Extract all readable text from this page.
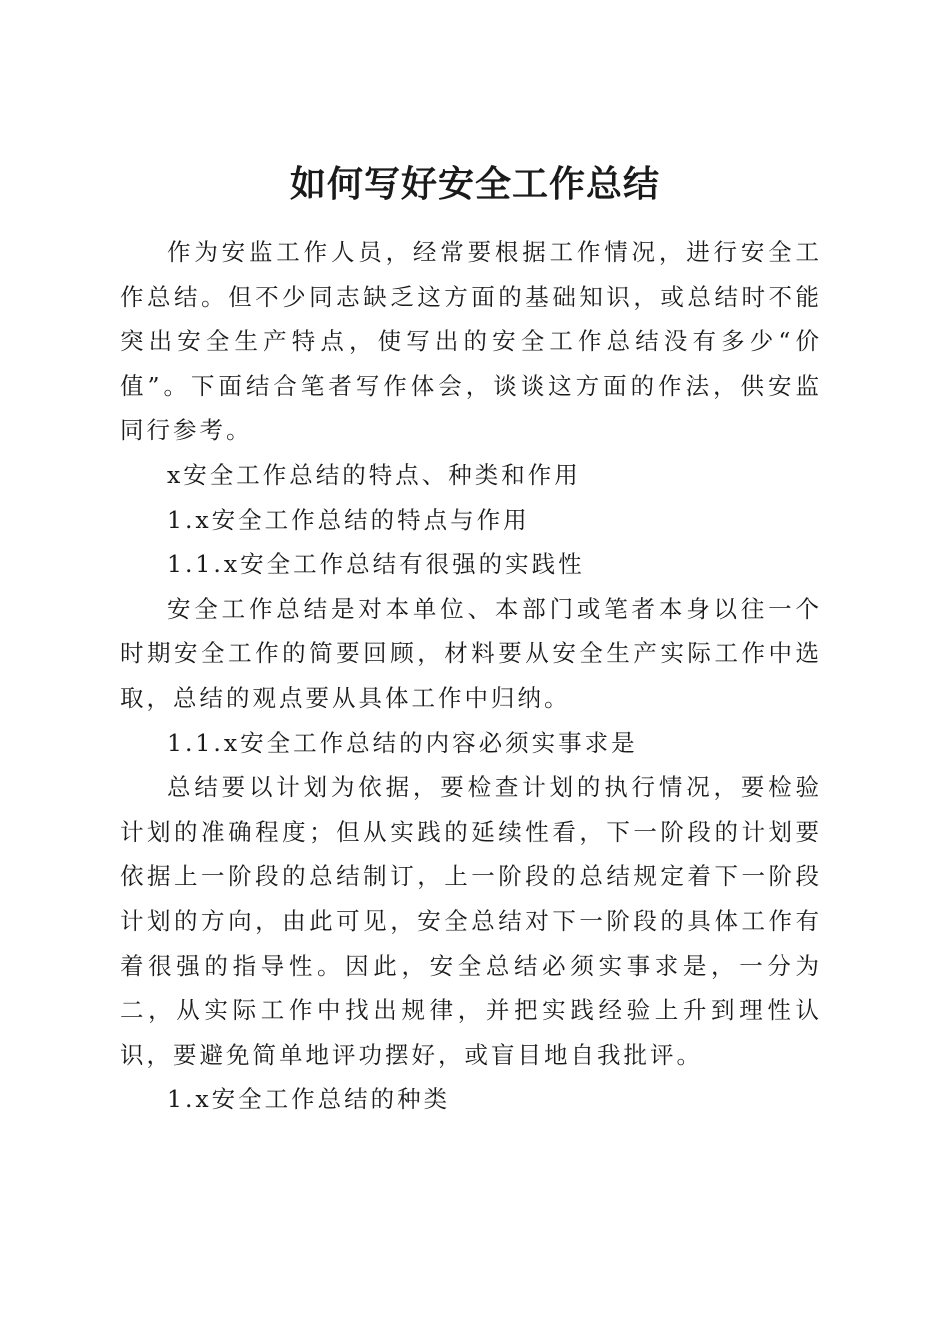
如何写好安全工作总结

作为安监工作人员，经常要根据工作情况，进行安全工作总结。但不少同志缺乏这方面的基础知识，或总结时不能突出安全生产特点，使写出的安全工作总结没有多少“价值”。下面结合笔者写作体会，谈谈这方面的作法，供安监同行参考。

x安全工作总结的特点、种类和作用

1.x安全工作总结的特点与作用

1.1.x安全工作总结有很强的实践性

安全工作总结是对本单位、本部门或笔者本身以往一个时期安全工作的简要回顾，材料要从安全生产实际工作中选取，总结的观点要从具体工作中归纳。

1.1.x安全工作总结的内容必须实事求是

总结要以计划为依据，要检查计划的执行情况，要检验计划的准确程度；但从实践的延续性看，下一阶段的计划要依据上一阶段的总结制订，上一阶段的总结规定着下一阶段计划的方向，由此可见，安全总结对下一阶段的具体工作有着很强的指导性。因此，安全总结必须实事求是，一分为二，从实际工作中找出规律，并把实践经验上升到理性认识，要避免简单地评功摆好，或盲目地自我批评。

1.x安全工作总结的种类
